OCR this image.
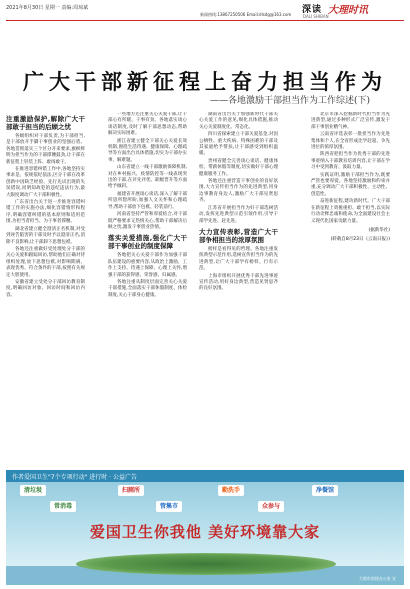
2021年8月30日 星期一 责编:周琼斌
新闻热线:13867250506 Email:dlsdg@163.com 深读
DALI SHIBAN
大理时讯
广大干部新征程上奋力担当作为
——各地激励干部担当作为工作综述(下)
注重激励保护,解除广大干部敢于担当的后顾之忧

各级组织对干部负责,为干部担当,是干部放开手脚干事创业的坚强后盾。各地贯彻落实三个区分开来要求,旗帜鲜明为担当作为的干部撑腰鼓劲,让干部在新征程上轻装上阵、敢闯敢干。

在推进容错纠错工作中,各地坚持实事求是、依规依纪依法,区分干部在改革创新中因缺乏经验、先行先试出现的失误错误,同明知故犯的违纪违法行为,最大限度调动广大干部积极性。

广东省出台关于进一步推进容错纠错工作的实施办法,细化容错情形和程序,明确容错纠错的基本原则和适用范围,为担当者担当、为干事者撑腰。

湖北省建立健全澄清正名机制,对受到诬告陷害的干部及时予以澄清正名,消除不良影响,让干部卸下思想包袱。

各地还注重做好受处理处分干部的关心关爱和跟踪回访,帮助他们正确对待组织处理,放下思想包袱,对影响期满、表现优秀、符合条件的干部,按照有关规定大胆使用。

安徽省建立受处分干部回访教育制度,明确回访对象、回访时间和回访内容。

一些地方还注重关心关爱干部,让干部心有所暖、干事有劲。各地落实谈心谈话制度,及时了解干部思想动态,帮助解决实际困难。

浙江省建立健全干部关心关爱长效机制,围绕生活待遇、健康保障、心理疏导等方面出台具体措施,切实为干部办实事、解难题。

山东省建立一线干部激励保障机制,对在乡村振兴、疫情防控等一线表现突出的干部,在评先评优、职级晋升等方面给予倾斜。

福建省开展谈心谈话,深入了解干部所思所想所盼,加强人文关怀和心理疏导,帮助干部放下包袱、轻装前行。

河南省坚持严管和厚爱结合,对干部既严格要求又热情关心,帮助干部解决后顾之忧,激发干事创业热情。

落实关爱措施,强化广大干部干事创业的制度保障

各地把关心关爱干部作为加强干部队伍建设的重要内容,从政治上激励、工作上支持、待遇上保障、心理上关怀,增强干部的获得感、荣誉感、归属感。

各地注重从制度层面完善关心关爱干部措施,全面落实干部休假制度、体检制度,关心干部身心健康。

湖南省出台关于加强新时代干部关心关爱工作的意见,细化具体措施,推动关心关爱制度化、常态化。

四川省探索建立干部关爱基金,对因公牺牲、重大疾病、特殊困难的干部及其家庭给予帮扶,让干部感受到组织温暖。

贵州省健全完善谈心谈话、健康体检、带薪休假等制度,切实做好干部心理健康服务工作。

各地还注重营造干事创业的良好氛围,大力宣传担当作为的先进典型,用身边事教育身边人,激励广大干部见贤思齐。

江苏省开展担当作为好干部选树活动,发挥先进典型示范引领作用,引导干部学先进、赶先进。

大力宣传表彰,营造广大干部争相担当的浓厚氛围

榜样是看得见的哲理。各地注重发挥典型示范作用,选树宣传担当作为的先进典型,让广大干部学有榜样、行有示范。

上海市组织开展优秀干部先进事迹宣传活动,用好身边典型,营造见贤思齐的良好氛围。

北京市深入挖掘新时代担当作为先进典型,通过多种形式广泛宣传,激发干部干事创业精气神。

云南省评选表彰一批担当作为先进集体和个人,在全省形成比学赶超、争先进位的浓厚氛围。

陕西省把担当作为优秀干部的先进事迹纳入干部教育培训内容,让干部在学习中受到教育、汲取力量。

实践证明,激励干部担当作为,既要严管也要厚爱。各地坚持激励和约束并重,充分调动广大干部积极性、主动性、创造性。

奋进新征程,建功新时代。广大干部在新征程上勇挑重担、敢于担当,以实际行动诠释忠诚和使命,为全面建设社会主义现代化国家贡献力量。

(据新华社)
(转载自8月23日《云南日报》)
作者爱国卫生"7个专项行动" 进行时 · 公益广告
清垃圾	扫厕所	勤洗手	净餐馆
常消毒	管集市	众参与
爱国卫生你我他 美好环境靠大家
大理市创建办公室 宣
